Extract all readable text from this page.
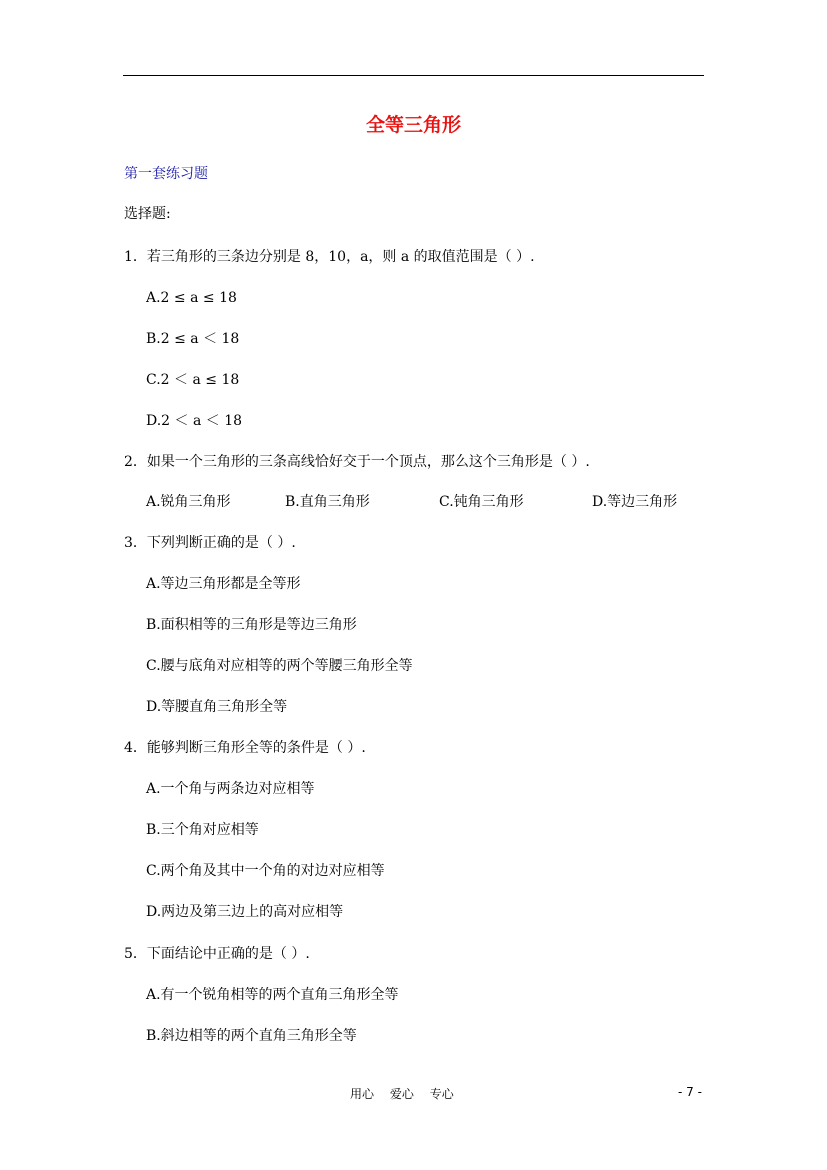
全等三角形
第一套练习题
选择题:
1．若三角形的三条边分别是 8，10，a，则 a 的取值范围是（ ）.
A.2 ≤ a ≤ 18
B.2 ≤ a ＜ 18
C.2 ＜ a ≤ 18
D.2 ＜ a ＜ 18
2．如果一个三角形的三条高线恰好交于一个顶点，那么这个三角形是（ ）.
A.锐角三角形	B.直角三角形	C.钝角三角形	D.等边三角形
3．下列判断正确的是（ ）.
A.等边三角形都是全等形
B.面积相等的三角形是等边三角形
C.腰与底角对应相等的两个等腰三角形全等
D.等腰直角三角形全等
4．能够判断三角形全等的条件是（ ）.
A.一个角与两条边对应相等
B.三个角对应相等
C.两个角及其中一个角的对边对应相等
D.两边及第三边上的高对应相等
5．下面结论中正确的是（ ）.
A.有一个锐角相等的两个直角三角形全等
B.斜边相等的两个直角三角形全等
用心 爱心 专心	- 7 -
